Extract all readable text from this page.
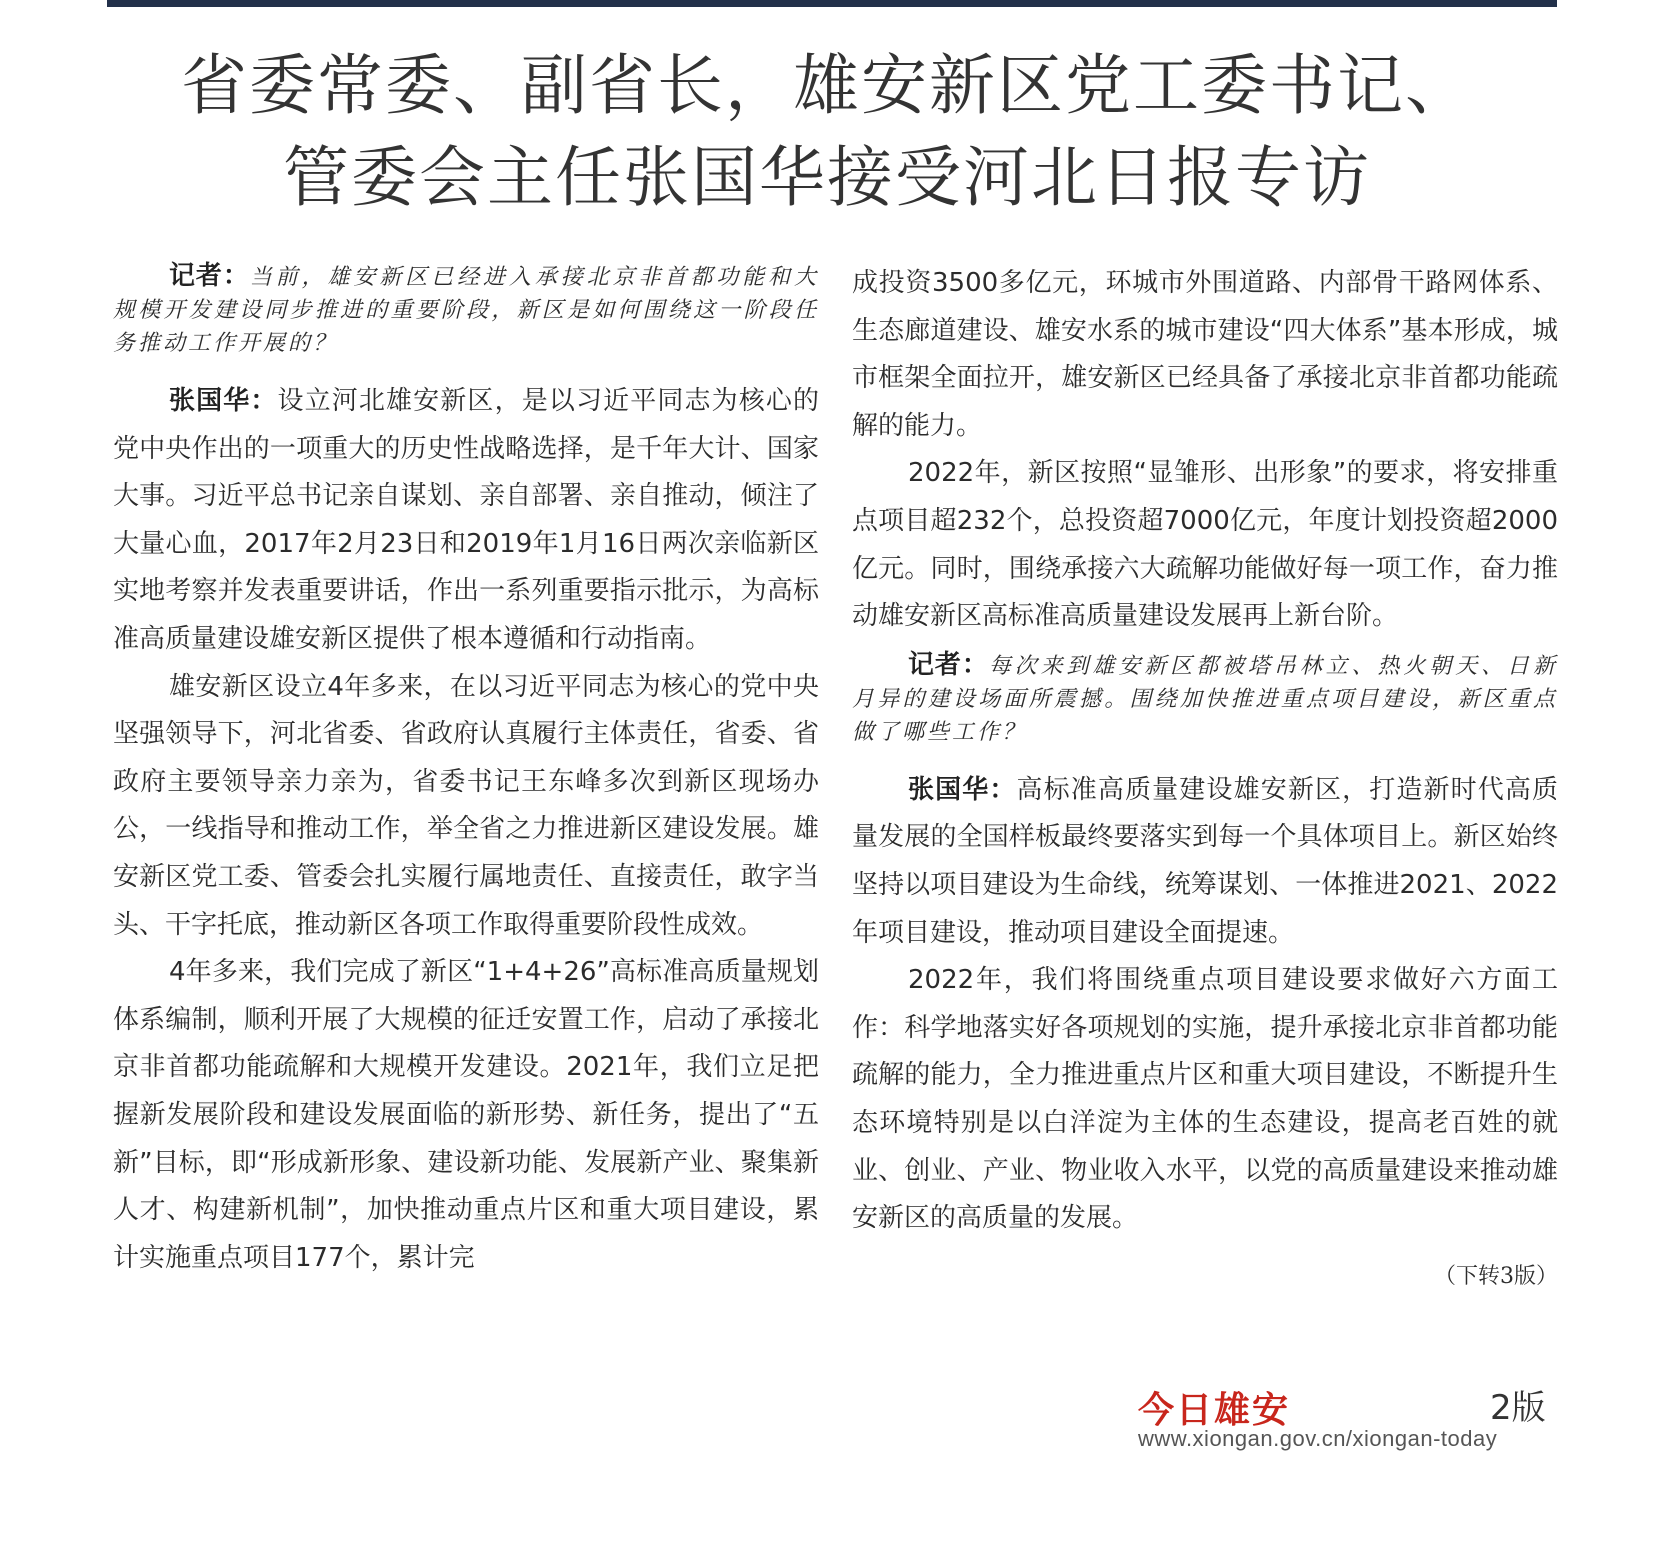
省委常委、副省长，雄安新区党工委书记、
管委会主任张国华接受河北日报专访

记者：当前，雄安新区已经进入承接北京非首都功能和大规模开发建设同步推进的重要阶段，新区是如何围绕这一阶段任务推动工作开展的？

张国华：设立河北雄安新区，是以习近平同志为核心的党中央作出的一项重大的历史性战略选择，是千年大计、国家大事。习近平总书记亲自谋划、亲自部署、亲自推动，倾注了大量心血，2017年2月23日和2019年1月16日两次亲临新区实地考察并发表重要讲话，作出一系列重要指示批示，为高标准高质量建设雄安新区提供了根本遵循和行动指南。

雄安新区设立4年多来，在以习近平同志为核心的党中央坚强领导下，河北省委、省政府认真履行主体责任，省委、省政府主要领导亲力亲为，省委书记王东峰多次到新区现场办公，一线指导和推动工作，举全省之力推进新区建设发展。雄安新区党工委、管委会扎实履行属地责任、直接责任，敢字当头、干字托底，推动新区各项工作取得重要阶段性成效。

4年多来，我们完成了新区“1+4+26”高标准高质量规划体系编制，顺利开展了大规模的征迁安置工作，启动了承接北京非首都功能疏解和大规模开发建设。2021年，我们立足把握新发展阶段和建设发展面临的新形势、新任务，提出了“五新”目标，即“形成新形象、建设新功能、发展新产业、聚集新人才、构建新机制”，加快推动重点片区和重大项目建设，累计实施重点项目177个，累计完

成投资3500多亿元，环城市外围道路、内部骨干路网体系、生态廊道建设、雄安水系的城市建设“四大体系”基本形成，城市框架全面拉开，雄安新区已经具备了承接北京非首都功能疏解的能力。

2022年，新区按照“显雏形、出形象”的要求，将安排重点项目超232个，总投资超7000亿元，年度计划投资超2000亿元。同时，围绕承接六大疏解功能做好每一项工作，奋力推动雄安新区高标准高质量建设发展再上新台阶。

记者：每次来到雄安新区都被塔吊林立、热火朝天、日新月异的建设场面所震撼。围绕加快推进重点项目建设，新区重点做了哪些工作？

张国华：高标准高质量建设雄安新区，打造新时代高质量发展的全国样板最终要落实到每一个具体项目上。新区始终坚持以项目建设为生命线，统筹谋划、一体推进2021、2022年项目建设，推动项目建设全面提速。

2022年，我们将围绕重点项目建设要求做好六方面工作：科学地落实好各项规划的实施，提升承接北京非首都功能疏解的能力，全力推进重点片区和重大项目建设，不断提升生态环境特别是以白洋淀为主体的生态建设，提高老百姓的就业、创业、产业、物业收入水平，以党的高质量建设来推动雄安新区的高质量的发展。

（下转3版）
今日雄安	2版
www.xiongan.gov.cn/xiongan-today
